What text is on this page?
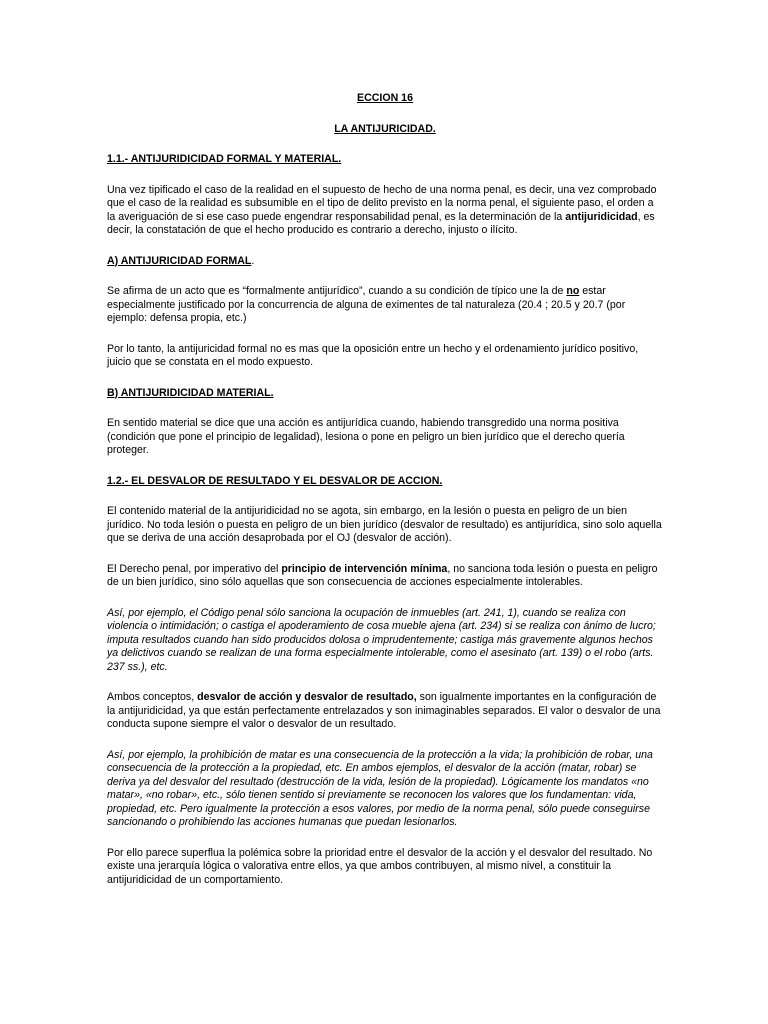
ECCION 16

LA ANTIJURICIDAD.

1.1.- ANTIJURIDICIDAD FORMAL Y MATERIAL.

Una vez tipificado el caso de la realidad en el supuesto de hecho de una norma penal, es decir, una vez comprobado que el caso de la realidad es subsumible en el tipo de delito previsto en la norma penal, el siguiente paso, el orden a la averiguación de si ese caso puede engendrar responsabilidad penal, es la determinación de la antijuridicidad, es decir, la constatación de que el hecho producido es contrario a derecho, injusto o ilícito.

A) ANTIJURICIDAD FORMAL.

Se afirma de un acto que es “formalmente antijurídico”, cuando a su condición de típico une la de no estar especialmente justificado por la concurrencia de alguna de eximentes de tal naturaleza (20.4 ; 20.5 y 20.7 (por ejemplo: defensa propia, etc.)

Por lo tanto, la antijuricidad formal no es mas que la oposición entre un hecho y el ordenamiento jurídico positivo, juicio que se constata en el modo expuesto.

B) ANTIJURIDICIDAD MATERIAL.

En sentido material se dice que una acción es antijurídica cuando, habiendo transgredido una norma positiva (condición que pone el principio de legalidad), lesiona o pone en peligro un bien jurídico que el derecho quería proteger.

1.2.- EL DESVALOR DE RESULTADO Y EL DESVALOR DE ACCION.

El contenido material de la antijuridicidad no se agota, sin embargo, en la lesión o puesta en peligro de un bien jurídico. No toda lesión o puesta en peligro de un bien jurídico (desvalor de resultado) es antijurídica, sino solo aquella que se deriva de una acción desaprobada por el OJ (desvalor de acción).

El Derecho penal, por imperativo del principio de intervención mínima, no sanciona toda lesión o puesta en peligro de un bien jurídico, sino sólo aquellas que son consecuencia de acciones especialmente intolerables.

Así, por ejemplo, el Código penal sólo sanciona la ocupación de inmuebles (art. 241, 1), cuando se realiza con violencia o intimidación; o castiga el apoderamiento de cosa mueble ajena (art. 234) si se realiza con ánimo de lucro; imputa resultados cuando han sido producidos dolosa o imprudentemente; castiga más gravemente algunos hechos ya delictivos cuando se realizan de una forma especialmente intolerable, como el asesinato (art. 139) o el robo (arts. 237 ss.), etc.

Ambos conceptos, desvalor de acción y desvalor de resultado, son igualmente importantes en la configuración de la antijuridicidad, ya que están perfectamente entrelazados y son inimaginables separados. El valor o desvalor de una conducta supone siempre el valor o desvalor de un resultado.

Así, por ejemplo, la prohibición de matar es una consecuencia de la protección a la vida; la prohibición de robar, una consecuencia de la protección a la propiedad, etc. En ambos ejemplos, el desvalor de la acción (matar, robar) se deriva ya del desvalor del resultado (destrucción de la vida, lesión de la propiedad). Lógicamente los mandatos «no matar», «no robar», etc., sólo tienen sentido si previamente se reconocen los valores que los fundamentan: vida, propiedad, etc. Pero igualmente la protección a esos valores, por medio de la norma penal, sólo puede conseguirse sancionando o prohibiendo las acciones humanas que puedan lesionarlos.

Por ello parece superflua la polémica sobre la prioridad entre el desvalor de la acción y el desvalor del resultado. No existe una jerarquía lógica o valorativa entre ellos, ya que ambos contribuyen, al mismo nivel, a constituir la antijuridicidad de un comportamiento.
